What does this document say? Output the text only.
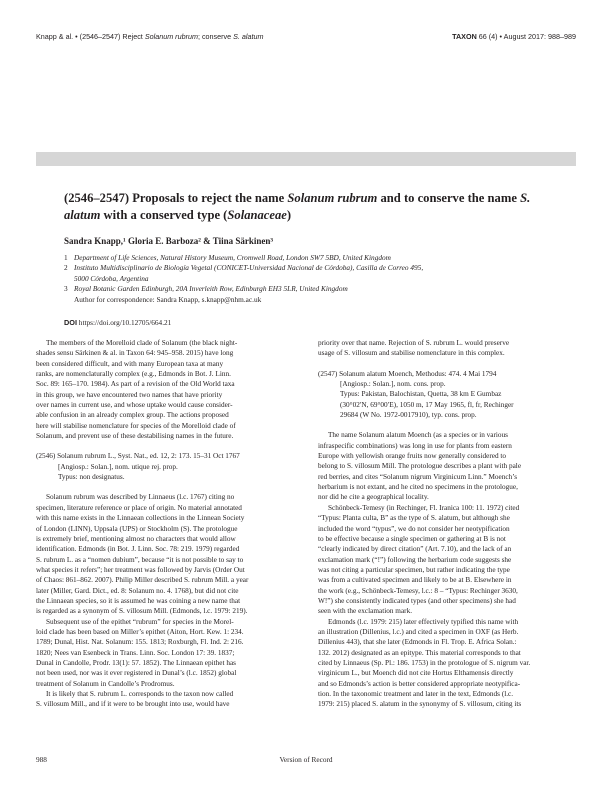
Knapp & al. • (2546–2547) Reject Solanum rubrum; conserve S. alatum	TAXON 66 (4) • August 2017: 988–989
(2546–2547) Proposals to reject the name Solanum rubrum and to conserve the name S. alatum with a conserved type (Solanaceae)
Sandra Knapp,¹ Gloria E. Barboza² & Tiina Särkinen³
1 Department of Life Sciences, Natural History Museum, Cromwell Road, London SW7 5BD, United Kingdom
2 Instituto Multidisciplinario de Biología Vegetal (CONICET-Universidad Nacional de Córdoba), Casilla de Correo 495,
5000 Córdoba, Argentina
3 Royal Botanic Garden Edinburgh, 20A Inverleith Row, Edinburgh EH3 5LR, United Kingdom
Author for correspondence: Sandra Knapp, s.knapp@nhm.ac.uk
DOI https://doi.org/10.12705/664.21
The members of the Morelloid clade of Solanum (the black night-
shades sensu Särkinen & al. in Taxon 64: 945–958. 2015) have long
been considered difficult, and with many European taxa at many
ranks, are nomenclaturally complex (e.g., Edmonds in Bot. J. Linn.
Soc. 89: 165–170. 1984). As part of a revision of the Old World taxa
in this group, we have encountered two names that have priority
over names in current use, and whose uptake would cause consider-
able confusion in an already complex group. The actions proposed
here will stabilise nomenclature for species of the Morelloid clade of
Solanum, and prevent use of these destabilising names in the future.
(2546) Solanum rubrum L., Syst. Nat., ed. 12, 2: 173. 15–31 Oct 1767
[Angiosp.: Solan.], nom. utique rej. prop.
Typus: non designatus.
Solanum rubrum was described by Linnaeus (l.c. 1767) citing no
specimen, literature reference or place of origin. No material annotated
with this name exists in the Linnaean collections in the Linnean Society
of London (LINN), Uppsala (UPS) or Stockholm (S). The protologue
is extremely brief, mentioning almost no characters that would allow
identification. Edmonds (in Bot. J. Linn. Soc. 78: 219. 1979) regarded
S. rubrum L. as a “nomen dubium”, because “it is not possible to say to
what species it refers”; her treatment was followed by Jarvis (Order Out
of Chaos: 861–862. 2007). Philip Miller described S. rubrum Mill. a year
later (Miller, Gard. Dict., ed. 8: Solanum no. 4. 1768), but did not cite
the Linnaean species, so it is assumed he was coining a new name that
is regarded as a synonym of S. villosum Mill. (Edmonds, l.c. 1979: 219).
Subsequent use of the epithet “rubrum” for species in the Morel-
loid clade has been based on Miller’s epithet (Aiton, Hort. Kew. 1: 234.
1789; Dunal, Hist. Nat. Solanum: 155. 1813; Roxburgh, Fl. Ind. 2: 216.
1820; Nees van Esenbeck in Trans. Linn. Soc. London 17: 39. 1837;
Dunal in Candolle, Prodr. 13(1): 57. 1852). The Linnaean epithet has
not been used, nor was it ever registered in Dunal’s (l.c. 1852) global
treatment of Solanum in Candolle’s Prodromus.
It is likely that S. rubrum L. corresponds to the taxon now called
S. villosum Mill., and if it were to be brought into use, would have
priority over that name. Rejection of S. rubrum L. would preserve
usage of S. villosum and stabilise nomenclature in this complex.
(2547) Solanum alatum Moench, Methodus: 474. 4 Mai 1794
[Angiosp.: Solan.], nom. cons. prop.
Typus: Pakistan, Balochistan, Quetta, 38 km E Gumbaz
(30°02′N, 69°00′E), 1050 m, 17 May 1965, fl, fr, Rechinger
29684 (W No. 1972-0017910), typ. cons. prop.
The name Solanum alatum Moench (as a species or in various
infraspecific combinations) was long in use for plants from eastern
Europe with yellowish orange fruits now generally considered to
belong to S. villosum Mill. The protologue describes a plant with pale
red berries, and cites “Solanum nigrum Virginicum Linn.” Moench’s
herbarium is not extant, and he cited no specimens in the protologue,
nor did he cite a geographical locality.
Schönbeck-Temesy (in Rechinger, Fl. Iranica 100: 11. 1972) cited
“Typus: Planta culta, B” as the type of S. alatum, but although she
included the word “typus”, we do not consider her neotypification
to be effective because a single specimen or gathering at B is not
“clearly indicated by direct citation” (Art. 7.10), and the lack of an
exclamation mark (“!”) following the herbarium code suggests she
was not citing a particular specimen, but rather indicating the type
was from a cultivated specimen and likely to be at B. Elsewhere in
the work (e.g., Schönbeck-Temesy, l.c.: 8 – “Typus: Rechinger 3630,
W!”) she consistently indicated types (and other specimens) she had
seen with the exclamation mark.
Edmonds (l.c. 1979: 215) later effectively typified this name with
an illustration (Dillenius, l.c.) and cited a specimen in OXF (as Herb.
Dillenius 443), that she later (Edmonds in Fl. Trop. E. Africa Solan.:
132. 2012) designated as an epitype. This material corresponds to that
cited by Linnaeus (Sp. Pl.: 186. 1753) in the protologue of S. nigrum var.
virginicum L., but Moench did not cite Hortus Elthamensis directly
and so Edmonds’s action is better considered appropriate neotypifica-
tion. In the taxonomic treatment and later in the text, Edmonds (l.c.
1979: 215) placed S. alatum in the synonymy of S. villosum, citing its
988	Version of Record
